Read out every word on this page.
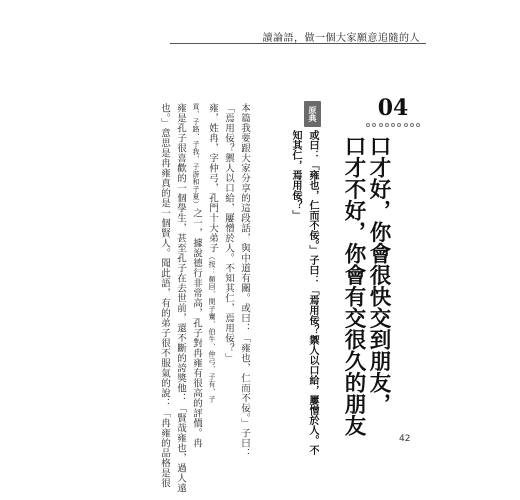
讀論語，做一個大家願意追隨的人
04
口才好，你會很快交到朋友，
口才不好，你會有交很久的朋友
原典
或曰：「雍也，仁而不佞。」子曰：「焉用佞？禦人以口給，屢憎於人。不
知其仁，焉用佞？」
本篇我要跟大家分享的這段話，與中道有關。或曰：「雍也，仁而不佞。」子曰：
「焉用佞？禦人以口給，屢憎於人。不知其仁，焉用佞？」
雍，姓冉，字仲弓，孔門十大弟子（按：顏回、閔子騫、伯牛、仲弓、子有、子
貢、子路、子我、子游和子夏）之一，據說德行非常高，孔子對冉雍有很高的評價。冉
雍是孔子很喜歡的一個學生，甚至孔子在去世前，還不斷的誇獎他：「賢哉雍也，過人遠
也。」意思是冉雍真的是一個賢人。聞此語，有的弟子很不服氣的說：「冉雍的品格是很	42
